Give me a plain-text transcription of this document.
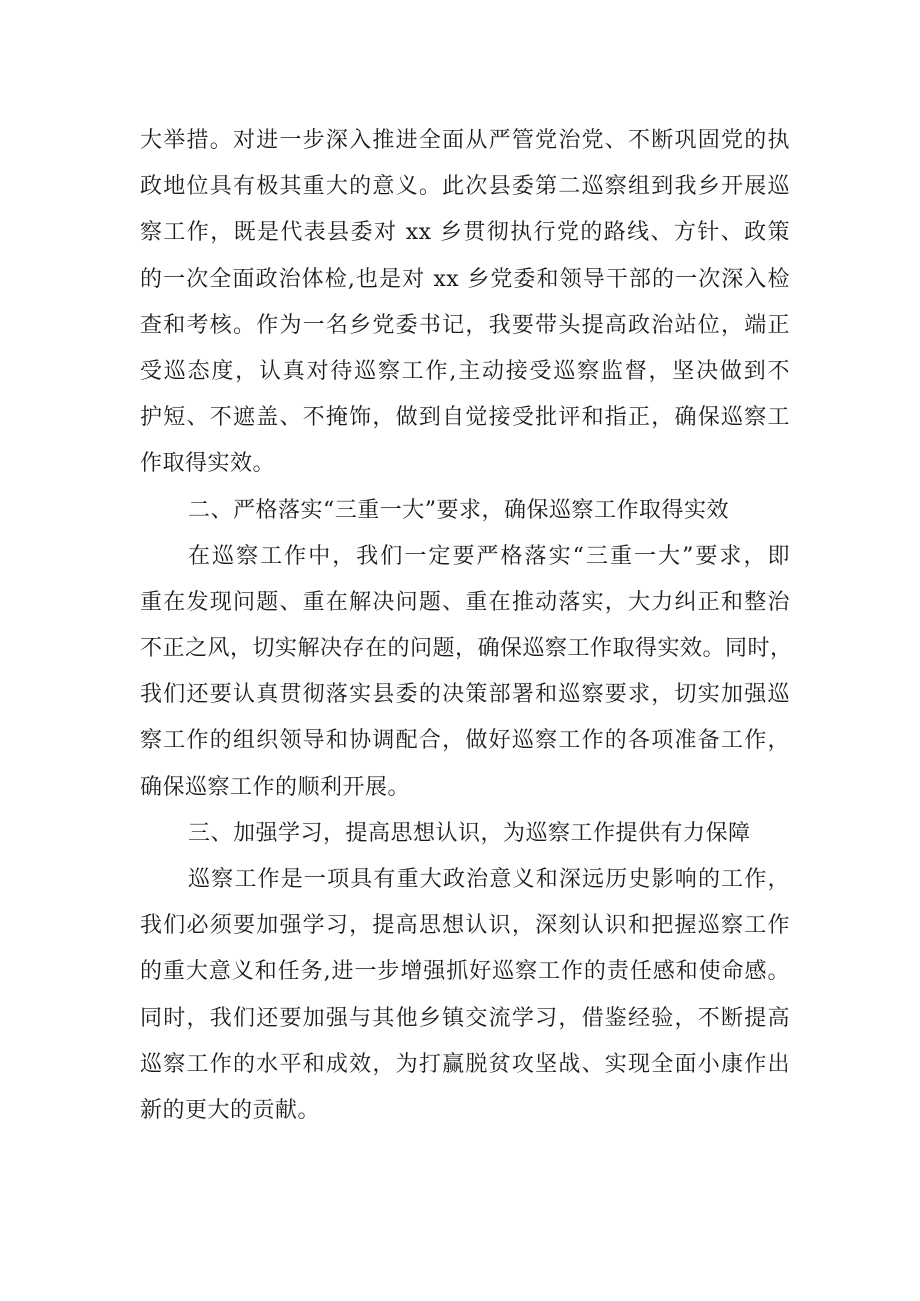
大举措。对进一步深入推进全面从严管党治党、不断巩固党的执
政地位具有极其重大的意义。此次县委第二巡察组到我乡开展巡
察工作，既是代表县委对 xx 乡贯彻执行党的路线、方针、政策
的一次全面政治体检,也是对 xx 乡党委和领导干部的一次深入检
查和考核。作为一名乡党委书记，我要带头提高政治站位，端正
受巡态度，认真对待巡察工作,主动接受巡察监督，坚决做到不
护短、不遮盖、不掩饰，做到自觉接受批评和指正，确保巡察工
作取得实效。
二、严格落实“三重一大”要求，确保巡察工作取得实效
在巡察工作中，我们一定要严格落实“三重一大”要求，即
重在发现问题、重在解决问题、重在推动落实，大力纠正和整治
不正之风，切实解决存在的问题，确保巡察工作取得实效。同时，
我们还要认真贯彻落实县委的决策部署和巡察要求，切实加强巡
察工作的组织领导和协调配合，做好巡察工作的各项准备工作，
确保巡察工作的顺利开展。
三、加强学习，提高思想认识，为巡察工作提供有力保障
巡察工作是一项具有重大政治意义和深远历史影响的工作，
我们必须要加强学习，提高思想认识，深刻认识和把握巡察工作
的重大意义和任务,进一步增强抓好巡察工作的责任感和使命感。
同时，我们还要加强与其他乡镇交流学习，借鉴经验，不断提高
巡察工作的水平和成效，为打赢脱贫攻坚战、实现全面小康作出
新的更大的贡献。
